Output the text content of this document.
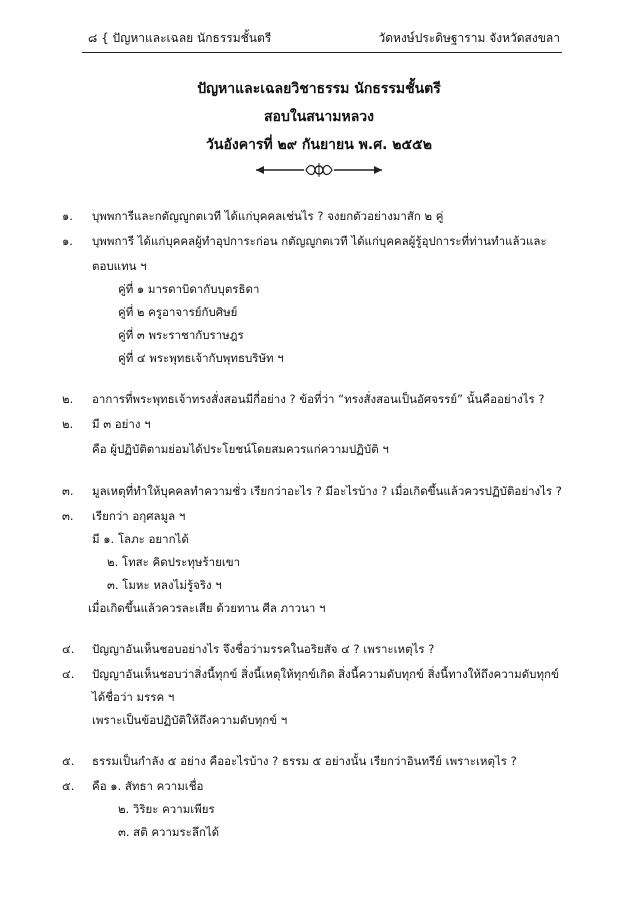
๘ { ปัญหาและเฉลย นักธรรมชั้นตรี	วัดหงษ์ประดิษฐาราม จังหวัดสงขลา
ปัญหาและเฉลยวิชาธรรม นักธรรมชั้นตรี
สอบในสนามหลวง
วันอังคารที่ ๒๙ กันยายน พ.ศ. ๒๕๕๒
๑. บุพพการีและกตัญญูกตเวที ได้แก่บุคคลเช่นไร ? จงยกตัวอย่างมาสัก ๒ คู่
๑. บุพพการี ได้แก่บุคคลผู้ทำอุปการะก่อน กตัญญูกตเวที ได้แก่บุคคลผู้รู้อุปการะที่ท่านทำแล้วและ
ตอบแทน ฯ
คู่ที่ ๑ มารดาบิดากับบุตรธิดา
คู่ที่ ๒ ครูอาจารย์กับศิษย์
คู่ที่ ๓ พระราชากับราษฎร
คู่ที่ ๔ พระพุทธเจ้ากับพุทธบริษัท ฯ
๒. อาการที่พระพุทธเจ้าทรงสั่งสอนมีกี่อย่าง ? ข้อที่ว่า “ทรงสั่งสอนเป็นอัศจรรย์” นั้นคืออย่างไร ?
๒. มี ๓ อย่าง ฯ
คือ ผู้ปฏิบัติตามย่อมได้ประโยชน์โดยสมควรแก่ความปฏิบัติ ฯ
๓. มูลเหตุที่ทำให้บุคคลทำความชั่ว เรียกว่าอะไร ? มีอะไรบ้าง ? เมื่อเกิดขึ้นแล้วควรปฏิบัติอย่างไร ?
๓. เรียกว่า อกุศลมูล ฯ
มี ๑. โลภะ อยากได้
๒. โทสะ คิดประทุษร้ายเขา
๓. โมหะ หลงไม่รู้จริง ฯ
เมื่อเกิดขึ้นแล้วควรละเสีย ด้วยทาน ศีล ภาวนา ฯ
๔. ปัญญาอันเห็นชอบอย่างไร จึงชื่อว่ามรรคในอริยสัจ ๔ ? เพราะเหตุไร ?
๔. ปัญญาอันเห็นชอบว่าสิ่งนี้ทุกข์ สิ่งนี้เหตุให้ทุกข์เกิด สิ่งนี้ความดับทุกข์ สิ่งนี้ทางให้ถึงความดับทุกข์
ได้ชื่อว่า มรรค ฯ
เพราะเป็นข้อปฏิบัติให้ถึงความดับทุกข์ ฯ
๕. ธรรมเป็นกำลัง ๕ อย่าง คืออะไรบ้าง ? ธรรม ๕ อย่างนั้น เรียกว่าอินทรีย์ เพราะเหตุไร ?
๕. คือ ๑. สัทธา ความเชื่อ
๒. วิริยะ ความเพียร
๓. สติ ความระลึกได้
